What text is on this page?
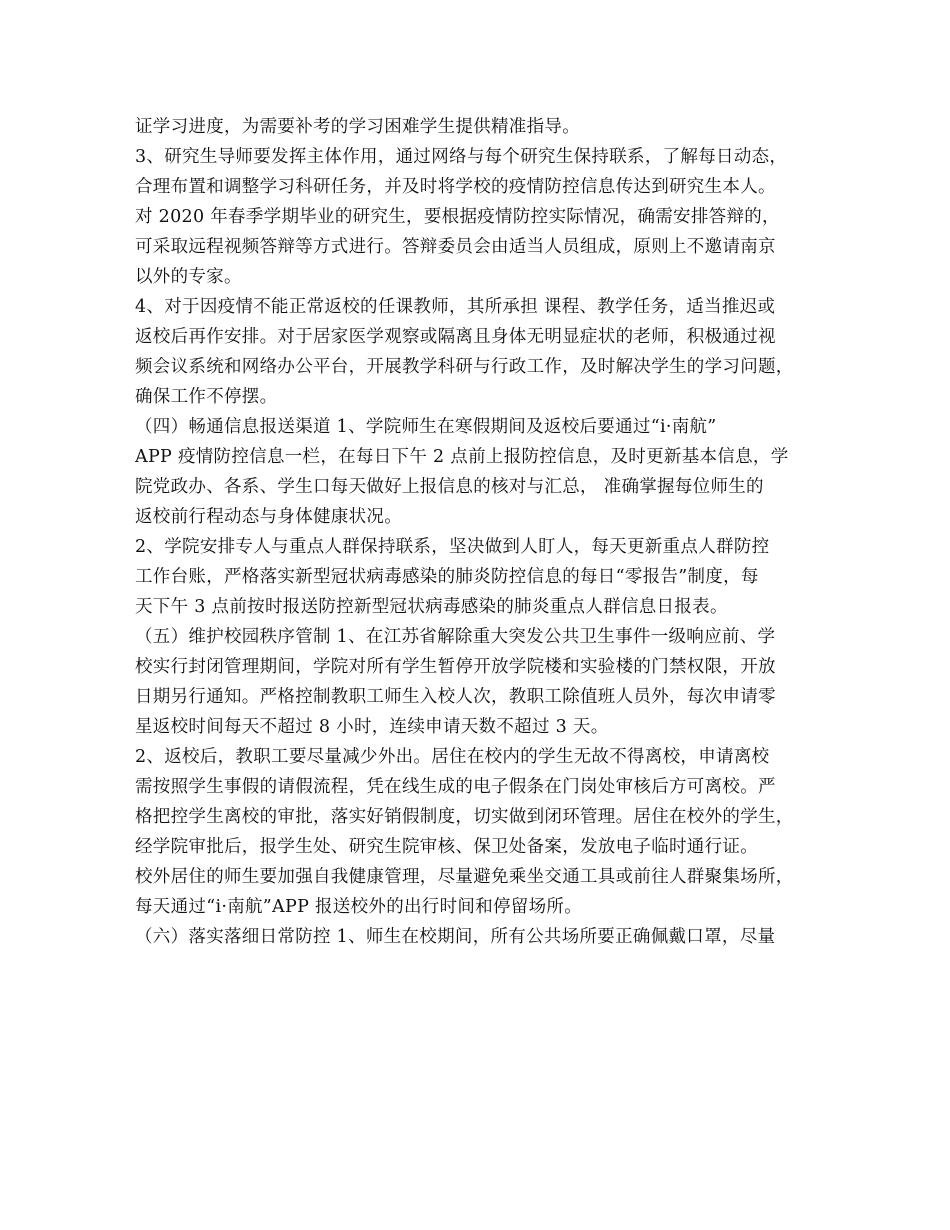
证学习进度，为需要补考的学习困难学生提供精准指导。
3、研究生导师要发挥主体作用，通过网络与每个研究生保持联系，了解每日动态，
合理布置和调整学习科研任务，并及时将学校的疫情防控信息传达到研究生本人。
对 2020 年春季学期毕业的研究生，要根据疫情防控实际情况，确需安排答辩的，
可采取远程视频答辩等方式进行。答辩委员会由适当人员组成，原则上不邀请南京
以外的专家。
4、对于因疫情不能正常返校的任课教师，其所承担 课程、教学任务，适当推迟或
返校后再作安排。对于居家医学观察或隔离且身体无明显症状的老师，积极通过视
频会议系统和网络办公平台，开展教学科研与行政工作，及时解决学生的学习问题，
确保工作不停摆。
（四）畅通信息报送渠道 1、学院师生在寒假期间及返校后要通过“i·南航”
APP 疫情防控信息一栏，在每日下午 2 点前上报防控信息，及时更新基本信息，学
院党政办、各系、学生口每天做好上报信息的核对与汇总， 准确掌握每位师生的
返校前行程动态与身体健康状况。
2、学院安排专人与重点人群保持联系，坚决做到人盯人，每天更新重点人群防控
工作台账，严格落实新型冠状病毒感染的肺炎防控信息的每日“零报告”制度，每
天下午 3 点前按时报送防控新型冠状病毒感染的肺炎重点人群信息日报表。
（五）维护校园秩序管制 1、在江苏省解除重大突发公共卫生事件一级响应前、学
校实行封闭管理期间，学院对所有学生暂停开放学院楼和实验楼的门禁权限，开放
日期另行通知。严格控制教职工师生入校人次，教职工除值班人员外，每次申请零
星返校时间每天不超过 8 小时，连续申请天数不超过 3 天。
2、返校后，教职工要尽量减少外出。居住在校内的学生无故不得离校，申请离校
需按照学生事假的请假流程，凭在线生成的电子假条在门岗处审核后方可离校。严
格把控学生离校的审批，落实好销假制度，切实做到闭环管理。居住在校外的学生，
经学院审批后，报学生处、研究生院审核、保卫处备案，发放电子临时通行证。
校外居住的师生要加强自我健康管理，尽量避免乘坐交通工具或前往人群聚集场所，
每天通过“i·南航”APP 报送校外的出行时间和停留场所。
（六）落实落细日常防控 1、师生在校期间，所有公共场所要正确佩戴口罩，尽量
